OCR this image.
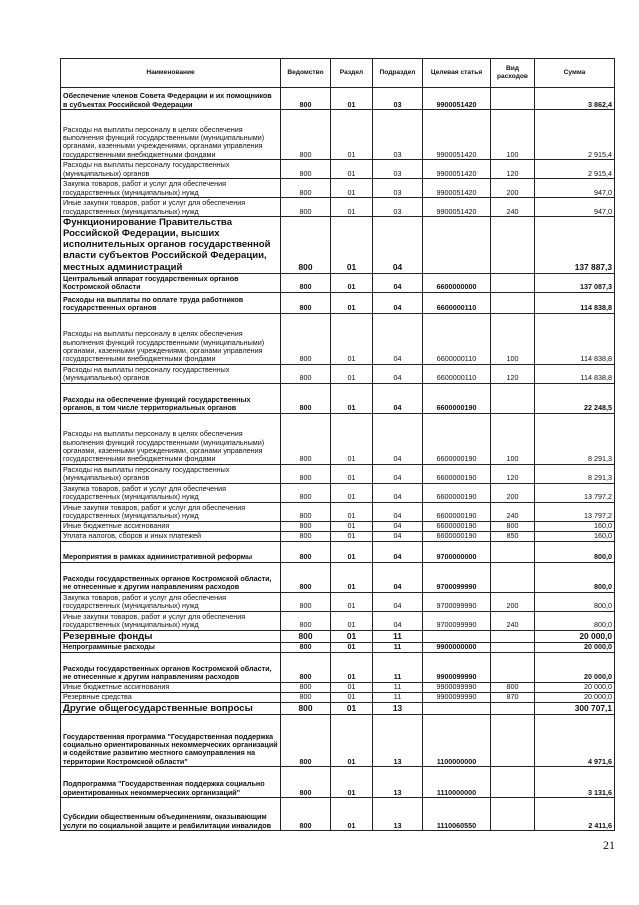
Наименование	Ведомство	Раздел	Подраздел	Целевая статья	Вид расходов	Сумма
Обеспечение членов Совета Федерации и их помощников в субъектах Российской Федерации	800	01	03	9900051420		3 862,4
Расходы на выплаты персоналу в целях обеспечения выполнения функций государственными (муниципальными) органами, казенными учреждениями, органами управления государственными внебюджетными фондами	800	01	03	9900051420	100	2 915,4
Расходы на выплаты персоналу государственных (муниципальных) органов	800	01	03	9900051420	120	2 915,4
Закупка товаров, работ и услуг для обеспечения государственных (муниципальных) нужд	800	01	03	9900051420	200	947,0
Иные закупки товаров, работ и услуг для обеспечения государственных (муниципальных) нужд	800	01	03	9900051420	240	947,0
Функционирование Правительства Российской Федерации, высших исполнительных органов государственной власти субъектов Российской Федерации, местных администраций	800	01	04			137 887,3
Центральный аппарат государственных органов Костромской области	800	01	04	6600000000		137 087,3
Расходы на выплаты по оплате труда работников государственных органов	800	01	04	6600000110		114 838,8
Расходы на выплаты персоналу в целях обеспечения выполнения функций государственными (муниципальными) органами, казенными учреждениями, органами управления государственными внебюджетными фондами	800	01	04	6600000110	100	114 838,8
Расходы на выплаты персоналу государственных (муниципальных) органов	800	01	04	6600000110	120	114 838,8
Расходы на обеспечение функций государственных органов, в том числе территориальных органов	800	01	04	6600000190		22 248,5
Расходы на выплаты персоналу в целях обеспечения выполнения функций государственными (муниципальными) органами, казенными учреждениями, органами управления государственными внебюджетными фондами	800	01	04	6600000190	100	8 291,3
Расходы на выплаты персоналу государственных (муниципальных) органов	800	01	04	6600000190	120	8 291,3
Закупка товаров, работ и услуг для обеспечения государственных (муниципальных) нужд	800	01	04	6600000190	200	13 797,2
Иные закупки товаров, работ и услуг для обеспечения государственных (муниципальных) нужд	800	01	04	6600000190	240	13 797,2
Иные бюджетные ассигнования	800	01	04	6600000190	800	160,0
Уплата налогов, сборов и иных платежей	800	01	04	6600000190	850	160,0
Мероприятия в рамках административной реформы	800	01	04	9700000000		800,0
Расходы государственных органов Костромской области, не отнесенные к другим направлениям расходов	800	01	04	9700099990		800,0
Закупка товаров, работ и услуг для обеспечения государственных (муниципальных) нужд	800	01	04	9700099990	200	800,0
Иные закупки товаров, работ и услуг для обеспечения государственных (муниципальных) нужд	800	01	04	9700099990	240	800,0
Резервные фонды	800	01	11			20 000,0
Непрограммные расходы	800	01	11	9900000000		20 000,0
Расходы государственных органов Костромской области, не отнесенные к другим направлениям расходов	800	01	11	9900099990		20 000,0
Иные бюджетные ассигнования	800	01	11	9900099990	800	20 000,0
Резервные средства	800	01	11	9900099990	870	20 000,0
Другие общегосударственные вопросы	800	01	13			300 707,1
Государственная программа "Государственная поддержка социально ориентированных некоммерческих организаций и содействие развитию местного самоуправления на территории Костромской области"	800	01	13	1100000000		4 971,6
Подпрограмма "Государственная поддержка социально ориентированных некоммерческих организаций"	800	01	13	1110000000		3 131,6
Субсидии общественным объединениям, оказывающим услуги по социальной защите и реабилитации инвалидов	800	01	13	1110060550		2 411,6
21
